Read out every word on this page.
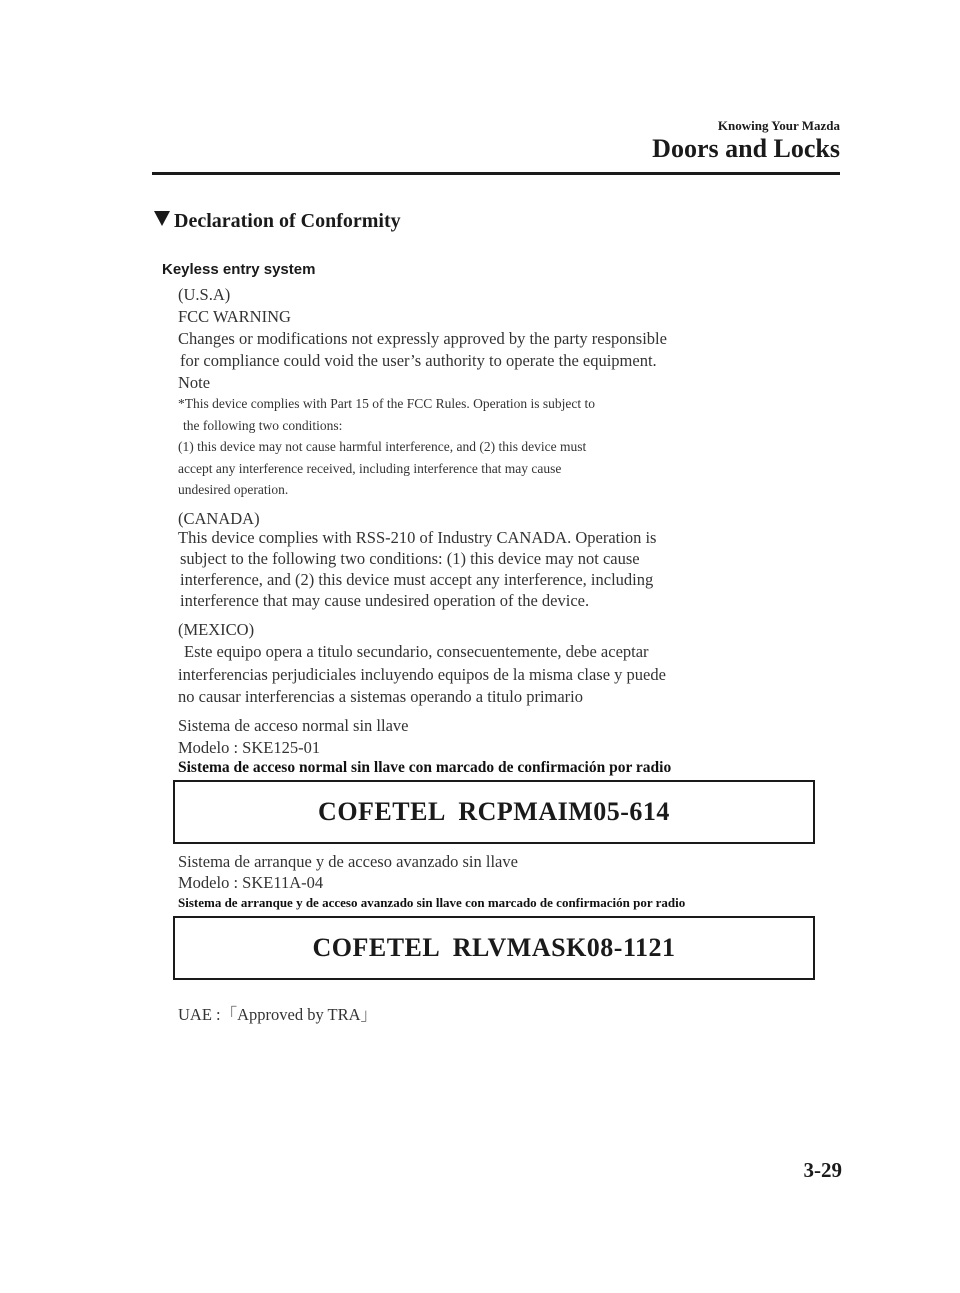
Knowing Your Mazda
Doors and Locks
Declaration of Conformity
Keyless entry system
(U.S.A)
FCC WARNING
Changes or modifications not expressly approved by the party responsible
for compliance could void the user’s authority to operate the equipment.
Note
*This device complies with Part 15 of the FCC Rules. Operation is subject to
the following two conditions:
(1) this device may not cause harmful interference, and (2) this device must
accept any interference received, including interference that may cause
undesired operation.
(CANADA)
This device complies with RSS-210 of Industry CANADA. Operation is
subject to the following two conditions: (1) this device may not cause
interference, and (2) this device must accept any interference, including
interference that may cause undesired operation of the device.
(MEXICO)
Este equipo opera a titulo secundario, consecuentemente, debe aceptar
interferencias perjudiciales incluyendo equipos de la misma clase y puede
no causar interferencias a sistemas operando a titulo primario
Sistema de acceso normal sin llave
Modelo : SKE125-01
Sistema de acceso normal sin llave con marcado de confirmación por radio
COFETEL  RCPMAIM05-614
Sistema de arranque y de acceso avanzado sin llave
Modelo : SKE11A-04
Sistema de arranque y de acceso avanzado sin llave con marcado de confirmación por radio
COFETEL  RLVMASK08-1121
UAE :「Approved by TRA」
3-29
